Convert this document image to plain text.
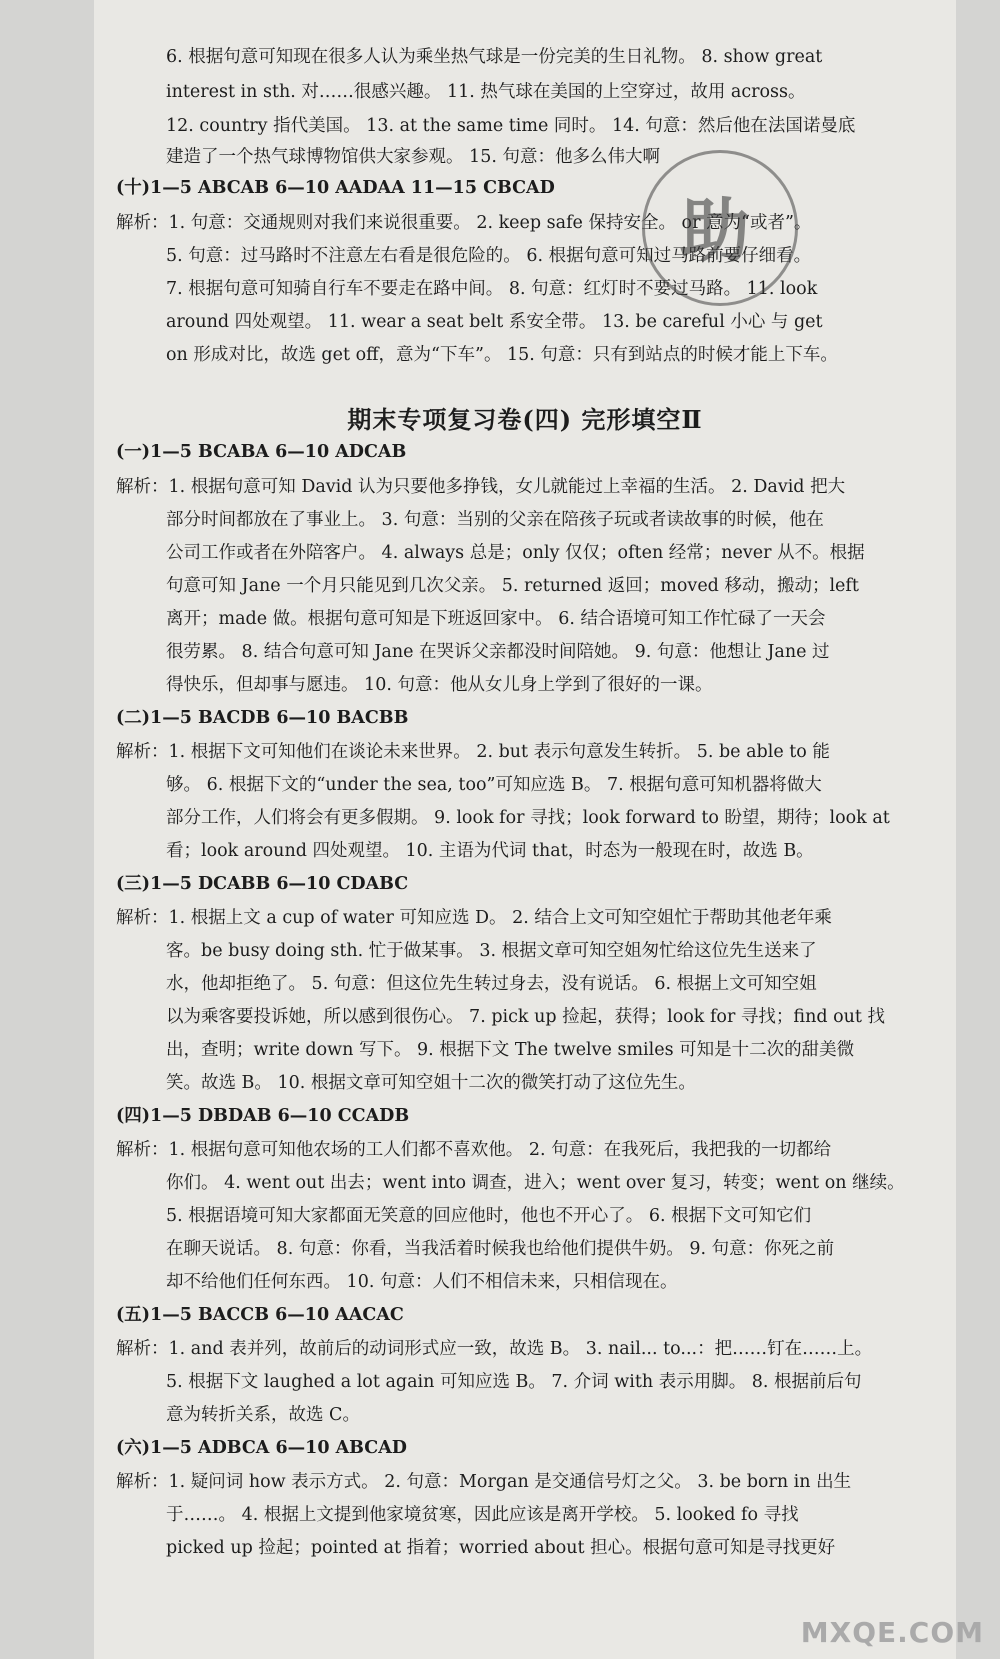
6. 根据句意可知现在很多人认为乘坐热气球是一份完美的生日礼物。 8. show great
interest in sth. 对……很感兴趣。 11. 热气球在美国的上空穿过，故用 across。
12. country 指代美国。 13. at the same time 同时。 14. 句意：然后他在法国诺曼底
建造了一个热气球博物馆供大家参观。 15. 句意：他多么伟大啊
(十)1—5 ABCAB 6—10 AADAA 11—15 CBCAD
解析：1. 句意：交通规则对我们来说很重要。 2. keep safe 保持安全。 or 意为“或者”。
5. 句意：过马路时不注意左右看是很危险的。 6. 根据句意可知过马路前要仔细看。
7. 根据句意可知骑自行车不要走在路中间。 8. 句意：红灯时不要过马路。 11. look
around 四处观望。 11. wear a seat belt 系安全带。 13. be careful 小心 与 get
on 形成对比，故选 get off，意为“下车”。 15. 句意：只有到站点的时候才能上下车。
期末专项复习卷(四) 完形填空Ⅱ
(一)1—5 BCABA 6—10 ADCAB
解析：1. 根据句意可知 David 认为只要他多挣钱，女儿就能过上幸福的生活。 2. David 把大
部分时间都放在了事业上。 3. 句意：当别的父亲在陪孩子玩或者读故事的时候，他在
公司工作或者在外陪客户。 4. always 总是；only 仅仅；often 经常；never 从不。根据
句意可知 Jane 一个月只能见到几次父亲。 5. returned 返回；moved 移动，搬动；left
离开；made 做。根据句意可知是下班返回家中。 6. 结合语境可知工作忙碌了一天会
很劳累。 8. 结合句意可知 Jane 在哭诉父亲都没时间陪她。 9. 句意：他想让 Jane 过
得快乐，但却事与愿违。 10. 句意：他从女儿身上学到了很好的一课。
(二)1—5 BACDB 6—10 BACBB
解析：1. 根据下文可知他们在谈论未来世界。 2. but 表示句意发生转折。 5. be able to 能
够。 6. 根据下文的“under the sea, too”可知应选 B。 7. 根据句意可知机器将做大
部分工作，人们将会有更多假期。 9. look for 寻找；look forward to 盼望，期待；look at
看；look around 四处观望。 10. 主语为代词 that，时态为一般现在时，故选 B。
(三)1—5 DCABB 6—10 CDABC
解析：1. 根据上文 a cup of water 可知应选 D。 2. 结合上文可知空姐忙于帮助其他老年乘
客。be busy doing sth. 忙于做某事。 3. 根据文章可知空姐匆忙给这位先生送来了
水，他却拒绝了。 5. 句意：但这位先生转过身去，没有说话。 6. 根据上文可知空姐
以为乘客要投诉她，所以感到很伤心。 7. pick up 捡起，获得；look for 寻找；find out 找
出，查明；write down 写下。 9. 根据下文 The twelve smiles 可知是十二次的甜美微
笑。故选 B。 10. 根据文章可知空姐十二次的微笑打动了这位先生。
(四)1—5 DBDAB 6—10 CCADB
解析：1. 根据句意可知他农场的工人们都不喜欢他。 2. 句意：在我死后，我把我的一切都给
你们。 4. went out 出去；went into 调查，进入；went over 复习，转变；went on 继续。
5. 根据语境可知大家都面无笑意的回应他时，他也不开心了。 6. 根据下文可知它们
在聊天说话。 8. 句意：你看，当我活着时候我也给他们提供牛奶。 9. 句意：你死之前
却不给他们任何东西。 10. 句意：人们不相信未来，只相信现在。
(五)1—5 BACCB 6—10 AACAC
解析：1. and 表并列，故前后的动词形式应一致，故选 B。 3. nail... to...：把……钉在……上。
5. 根据下文 laughed a lot again 可知应选 B。 7. 介词 with 表示用脚。 8. 根据前后句
意为转折关系，故选 C。
(六)1—5 ADBCA 6—10 ABCAD
解析：1. 疑问词 how 表示方式。 2. 句意：Morgan 是交通信号灯之父。 3. be born in 出生
于……。 4. 根据上文提到他家境贫寒，因此应该是离开学校。 5. looked fo 寻找
picked up 捡起；pointed at 指着；worried about 担心。根据句意可知是寻找更好
助
MXQE.COM
